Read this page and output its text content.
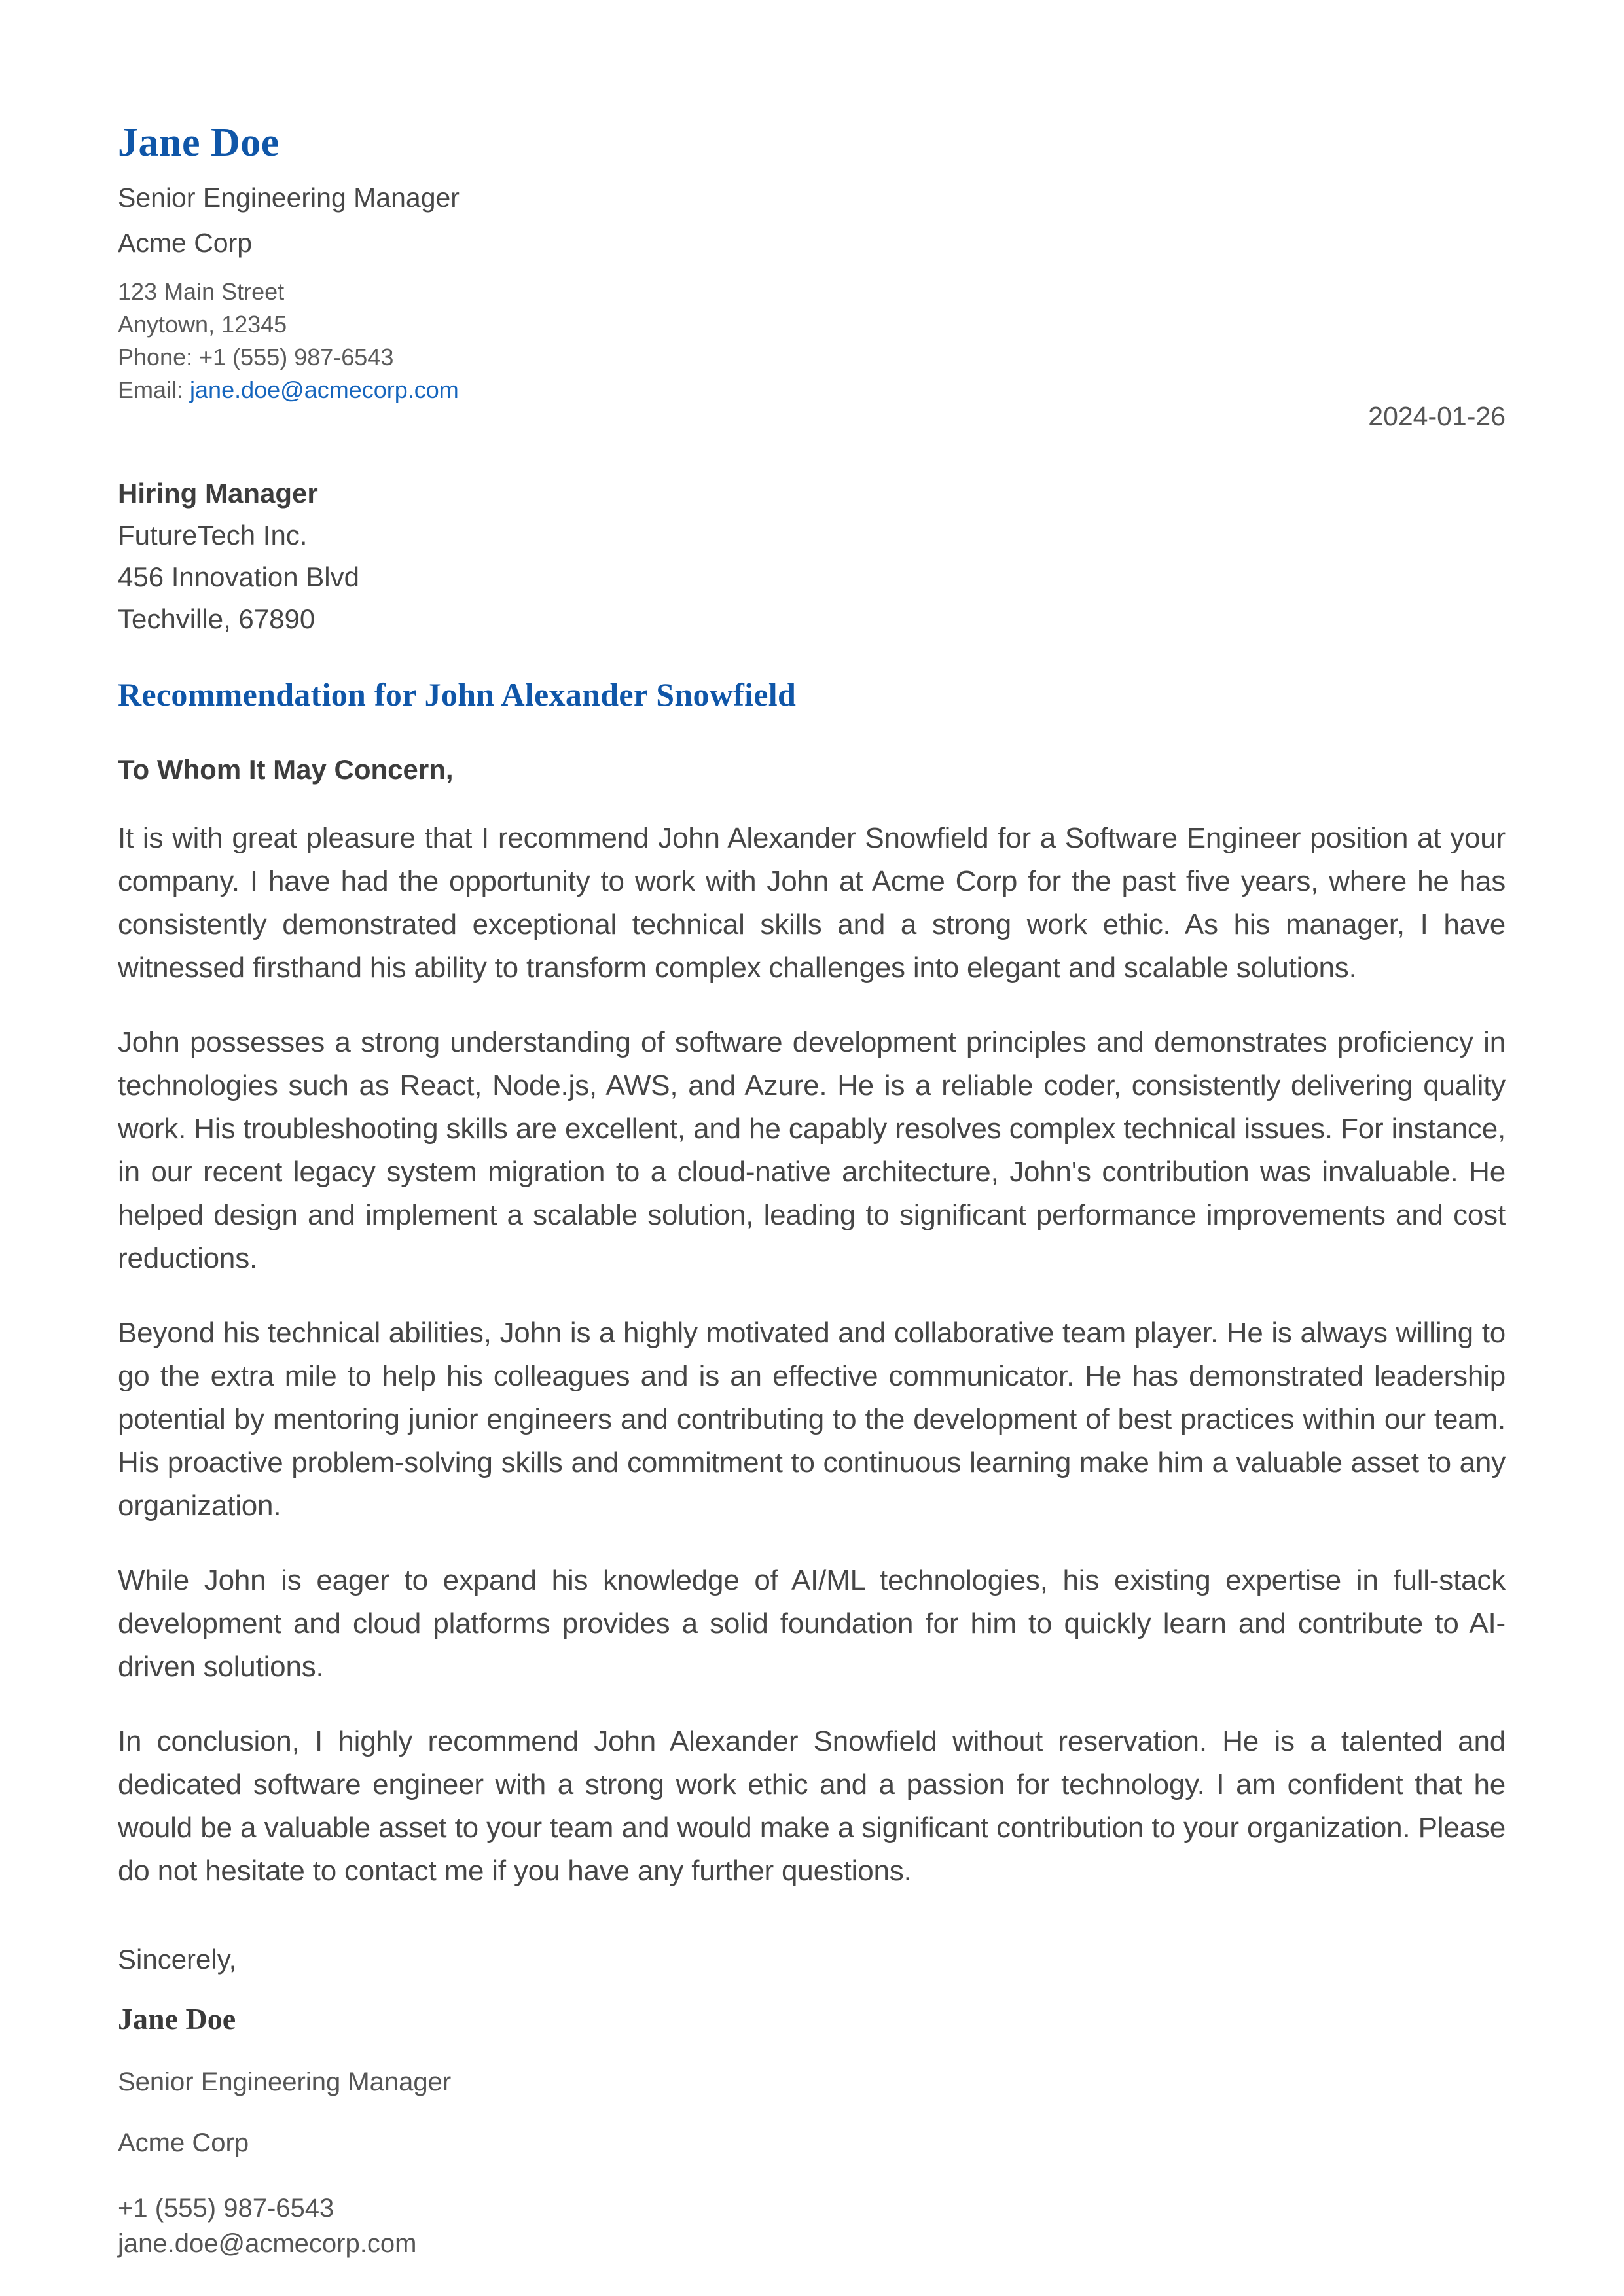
Jane Doe

Senior Engineering Manager

Acme Corp

123 Main Street

Anytown, 12345

Phone: +1 (555) 987-6543

Email: jane.doe@acmecorp.com

2024-01-26

Hiring Manager

FutureTech Inc.

456 Innovation Blvd

Techville, 67890

Recommendation for John Alexander Snowfield

To Whom It May Concern,

It is with great pleasure that I recommend John Alexander Snowfield for a Software Engineer position at your company. I have had the opportunity to work with John at Acme Corp for the past five years, where he has consistently demonstrated exceptional technical skills and a strong work ethic. As his manager, I have witnessed firsthand his ability to transform complex challenges into elegant and scalable solutions.

John possesses a strong understanding of software development principles and demonstrates proficiency in technologies such as React, Node.js, AWS, and Azure. He is a reliable coder, consistently delivering quality work. His troubleshooting skills are excellent, and he capably resolves complex technical issues. For instance, in our recent legacy system migration to a cloud-native architecture, John's contribution was invaluable. He helped design and implement a scalable solution, leading to significant performance improvements and cost reductions.

Beyond his technical abilities, John is a highly motivated and collaborative team player. He is always willing to go the extra mile to help his colleagues and is an effective communicator. He has demonstrated leadership potential by mentoring junior engineers and contributing to the development of best practices within our team. His proactive problem-solving skills and commitment to continuous learning make him a valuable asset to any organization.

While John is eager to expand his knowledge of AI/ML technologies, his existing expertise in full-stack development and cloud platforms provides a solid foundation for him to quickly learn and contribute to AI-driven solutions.

In conclusion, I highly recommend John Alexander Snowfield without reservation. He is a talented and dedicated software engineer with a strong work ethic and a passion for technology. I am confident that he would be a valuable asset to your team and would make a significant contribution to your organization. Please do not hesitate to contact me if you have any further questions.

Sincerely,

Jane Doe

Senior Engineering Manager

Acme Corp

+1 (555) 987-6543

jane.doe@acmecorp.com
